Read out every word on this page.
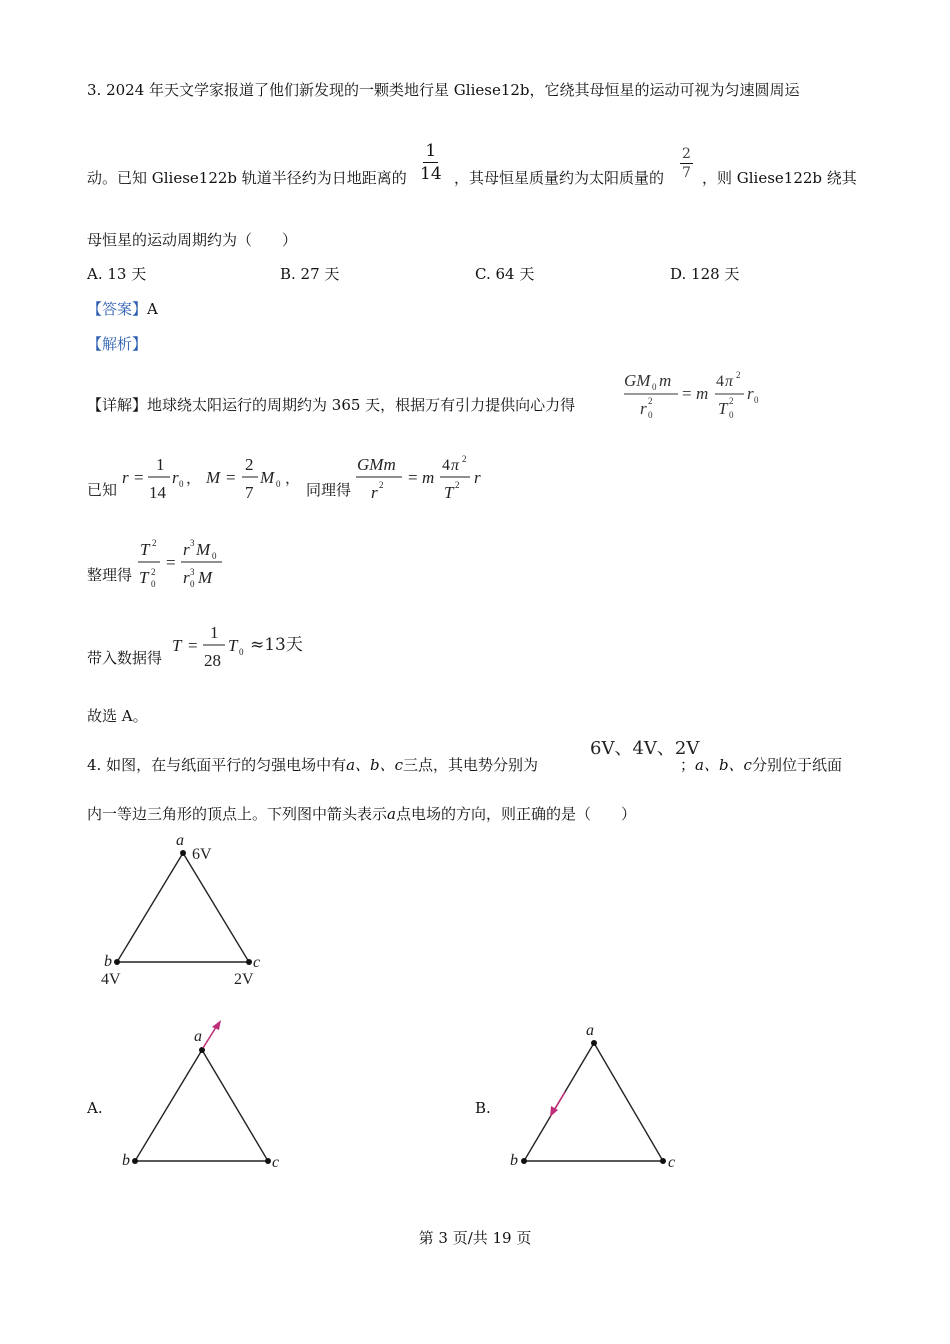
3. 2024 年天文学家报道了他们新发现的一颗类地行星 Gliese12b，它绕其母恒星的运动可视为匀速圆周运
动。已知 Gliese122b 轨道半径约为日地距离的 $\frac{1}{14}$ ，其母恒星质量约为太阳质量的 $\frac{2}{7}$ ，则 Gliese122b 绕其
母恒星的运动周期约为（　　）
A. 13 天	B. 27 天	C. 64 天	D. 128 天
【答案】A
【解析】
【详解】地球绕太阳运行的周期约为 365 天，根据万有引力提供向心力得
GM 0 m
r 2
0
= m
4 π 2
T 2
0
r 0
已知
r =
1
14
r 0 ， M =
2
7
M 0 ，
GMm
r 2 = m
4 π 2
T 2 r
同理得
整理得
T 2
T 2
0
=
r 3 M 0
r 3
0 M
带入数据得
T =
1
28
T 0 ≈13天
故选 A。
4. 如图，在与纸面平行的匀强电场中有a、b、c三点，其电势分别为
6V、4V、2V
；a、b、c分别位于纸面
内一等边三角形的顶点上。下列图中箭头表示a点电场的方向，则正确的是（　　）
a
6V
b
4V
c
2V
A.
a
b	c
B.
a
b	c
第 3 页/共 19 页
